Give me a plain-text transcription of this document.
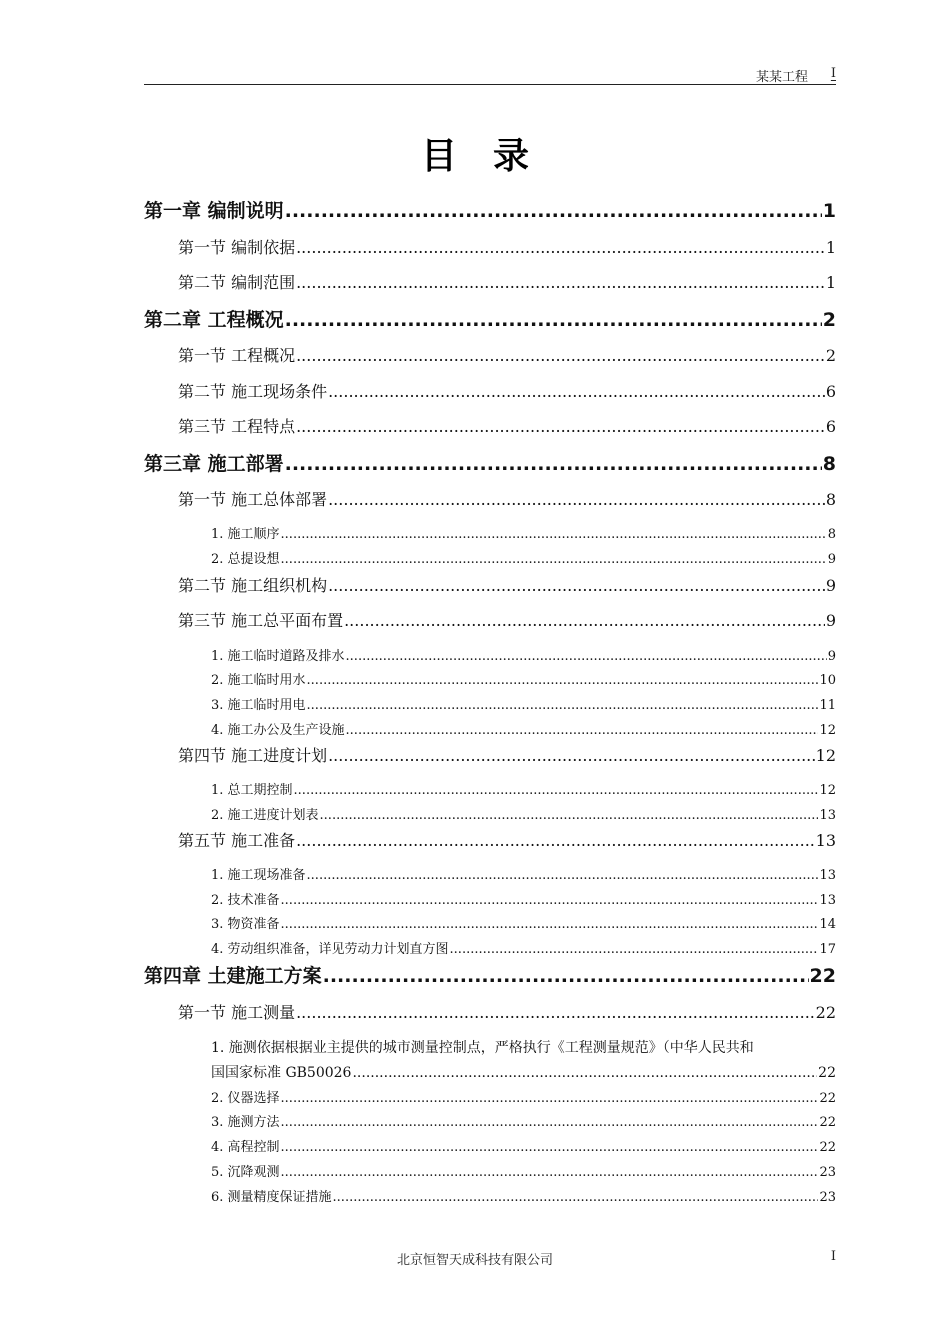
某某工程 I
目录
第一章 编制说明 .....	1
第一节 编制依据 .....	1
第二节 编制范围 .....	1
第二章 工程概况 .....	2
第一节 工程概况 .....	2
第二节 施工现场条件 .....	6
第三节 工程特点 .....	6
第三章 施工部署 .....	8
第一节 施工总体部署 .....	8
1. 施工顺序 .....	8
2. 总提设想 .....	9
第二节 施工组织机构 .....	9
第三节 施工总平面布置 .....	9
1. 施工临时道路及排水 .....	9
2. 施工临时用水 .....	10
3. 施工临时用电 .....	11
4. 施工办公及生产设施 .....	12
第四节 施工进度计划 .....	12
1. 总工期控制 .....	12
2. 施工进度计划表 .....	13
第五节 施工准备 .....	13
1. 施工现场准备 .....	13
2. 技术准备 .....	13
3. 物资准备 .....	14
4. 劳动组织准备，详见劳动力计划直方图 .....	17
第四章 土建施工方案 .....	22
第一节 施工测量 .....	22
1. 施测依据根据业主提供的城市测量控制点，严格执行《工程测量规范》（中华人民共和
国国家标准 GB50026 .....	22
2. 仪器选择 .....	22
3. 施测方法 .....	22
4. 高程控制 .....	22
5. 沉降观测 .....	23
6. 测量精度保证措施 .....	23
北京恒智天成科技有限公司	I
